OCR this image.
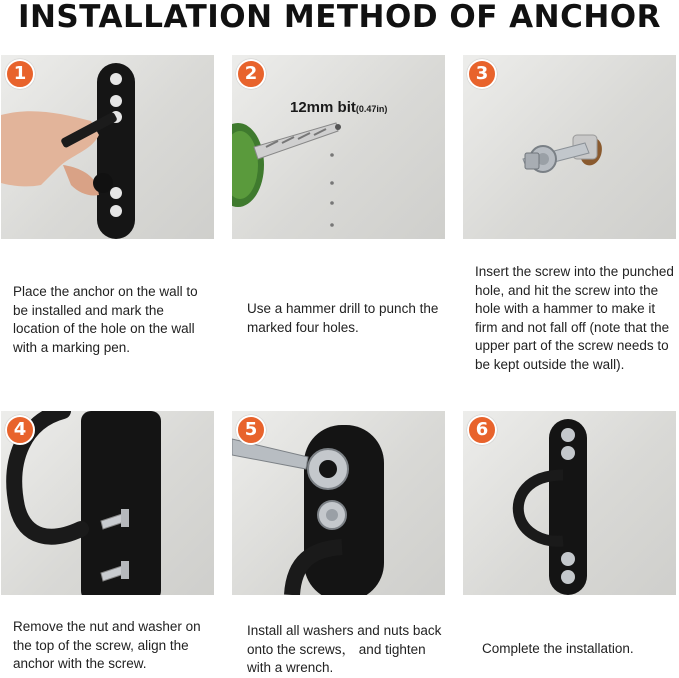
INSTALLATION METHOD OF ANCHOR
1
Place the anchor on the wall to be installed and mark the location of the hole on the wall with a marking pen.
12mm bit(0.47in)
2
Use a hammer drill to punch the marked four holes.
3
Insert the screw into the punched hole, and hit the screw into the hole with a hammer to make it firm and not fall off (note that the upper part of the screw needs to be kept outside the wall).
4
Remove the nut and washer on the top of the screw, align the anchor with the screw.
5
Install all washers and nuts back onto the screws， and tighten with a wrench.
6
Complete the installation.
